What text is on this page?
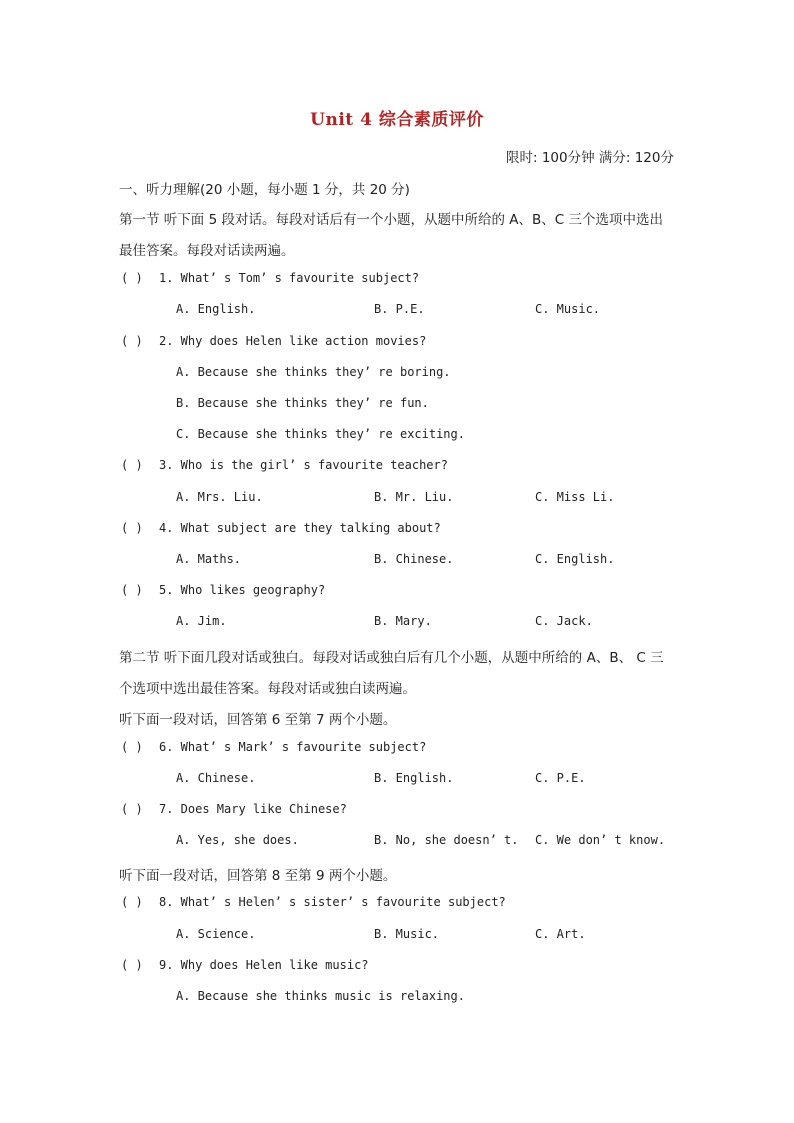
Unit 4 综合素质评价
限时: 100分钟 满分: 120分
一、听力理解(20 小题，每小题 1 分，共 20 分)
第一节 听下面 5 段对话。每段对话后有一个小题，从题中所给的 A、B、C 三个选项中选出
最佳答案。每段对话读两遍。
( ) 1. What’ s Tom’ s favourite subject?
A. English.	B. P.E.	C. Music.
( ) 2. Why does Helen like action movies?
A. Because she thinks they’ re boring.
B. Because she thinks they’ re fun.
C. Because she thinks they’ re exciting.
( ) 3. Who is the girl’ s favourite teacher?
A. Mrs. Liu.	B. Mr. Liu.	C. Miss Li.
( ) 4. What subject are they talking about?
A. Maths.	B. Chinese.	C. English.
( ) 5. Who likes geography?
A. Jim.	B. Mary.	C. Jack.
第二节 听下面几段对话或独白。每段对话或独白后有几个小题，从题中所给的 A、B、 C 三
个选项中选出最佳答案。每段对话或独白读两遍。
听下面一段对话，回答第 6 至第 7 两个小题。
( ) 6. What’ s Mark’ s favourite subject?
A. Chinese.	B. English.	C. P.E.
( ) 7. Does Mary like Chinese?
A. Yes, she does.	B. No, she doesn’ t. C. We don’ t know.
听下面一段对话，回答第 8 至第 9 两个小题。
( ) 8. What’ s Helen’ s sister’ s favourite subject?
A. Science.	B. Music.	C. Art.
( ) 9. Why does Helen like music?
A. Because she thinks music is relaxing.
